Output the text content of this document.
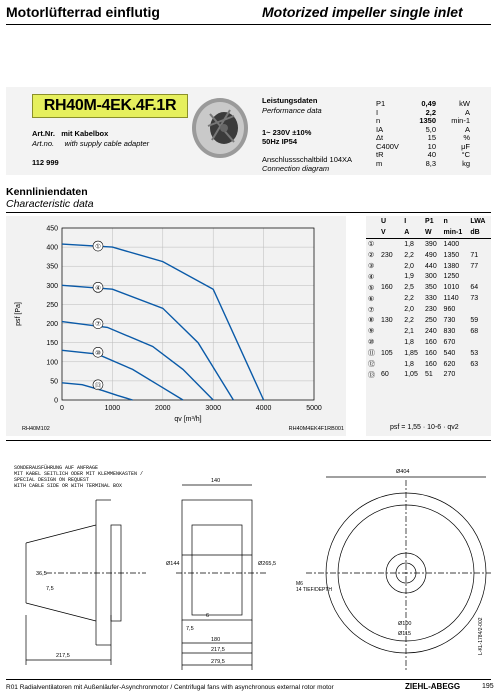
Motorlüfterrad einflutig	Motorized impeller single inlet
RH40M-4EK.4F.1R
Art.Nr. mit Kabelbox
Art.no. with supply cable adapter
112 999
Leistungsdaten
Performance data
1~ 230V ±10%
50Hz IP54
Anschlussschaltbild 104XA
Connection diagram
P1	0,49	kW
I	2,2	A
n	1350 min-1
IA	5,0	A
Δt	15	%
C400V	10	μF
tR	40	°C
m	8,3	kg
Kennliniendaten
Characteristic data
0
50
100
150
200
250
300
350
400
450
0	1000	2000	3000	4000	5000
qv [m³/h]
psf [Pa]
RH40M102	RH40M4EK4F1RB001
①
④
⑦
⑩
⑬
	U		I	P1	n	LWA
	V		A	W	min-1	dB
①			1,8	390	1400	
②	230		2,2	490	1350	71
③			2,0	440	1380	77
④			1,9	300	1250	
⑤	160		2,5	350	1010	64
⑥			2,2	330	1140	73
⑦			2,0	230	960	
⑧	130		2,2	250	730	59
⑨			2,1	240	830	68
⑩			1,8	160	670	
⑪	105		1,85	160	540	53
⑫			1,8	160	620	63
⑬	60		1,05	51	270	
psf = 1,55 · 10-6 · qv2
SONDERAUSFÜHRUNG AUF ANFRAGE
MIT KABEL SEITLICH ODER MIT KLEMMENKASTEN /
SPECIAL DESIGN ON REQUEST
WITH CABLE SIDE OR WITH TERMINAL BOX
36,5
7,5
217,5
140
Ø144	Ø265,5
6
7,5
180
217,5
279,5
Ø404
M6
14 TIEF/DEPTH
Ø100
Ø115	L-KL-1784/2-002
R01 Radialventilatoren mit Außenläufer-Asynchronmotor / Centrifugal fans with asynchronous external rotor motor	ZIEHL-ABEGG	195
